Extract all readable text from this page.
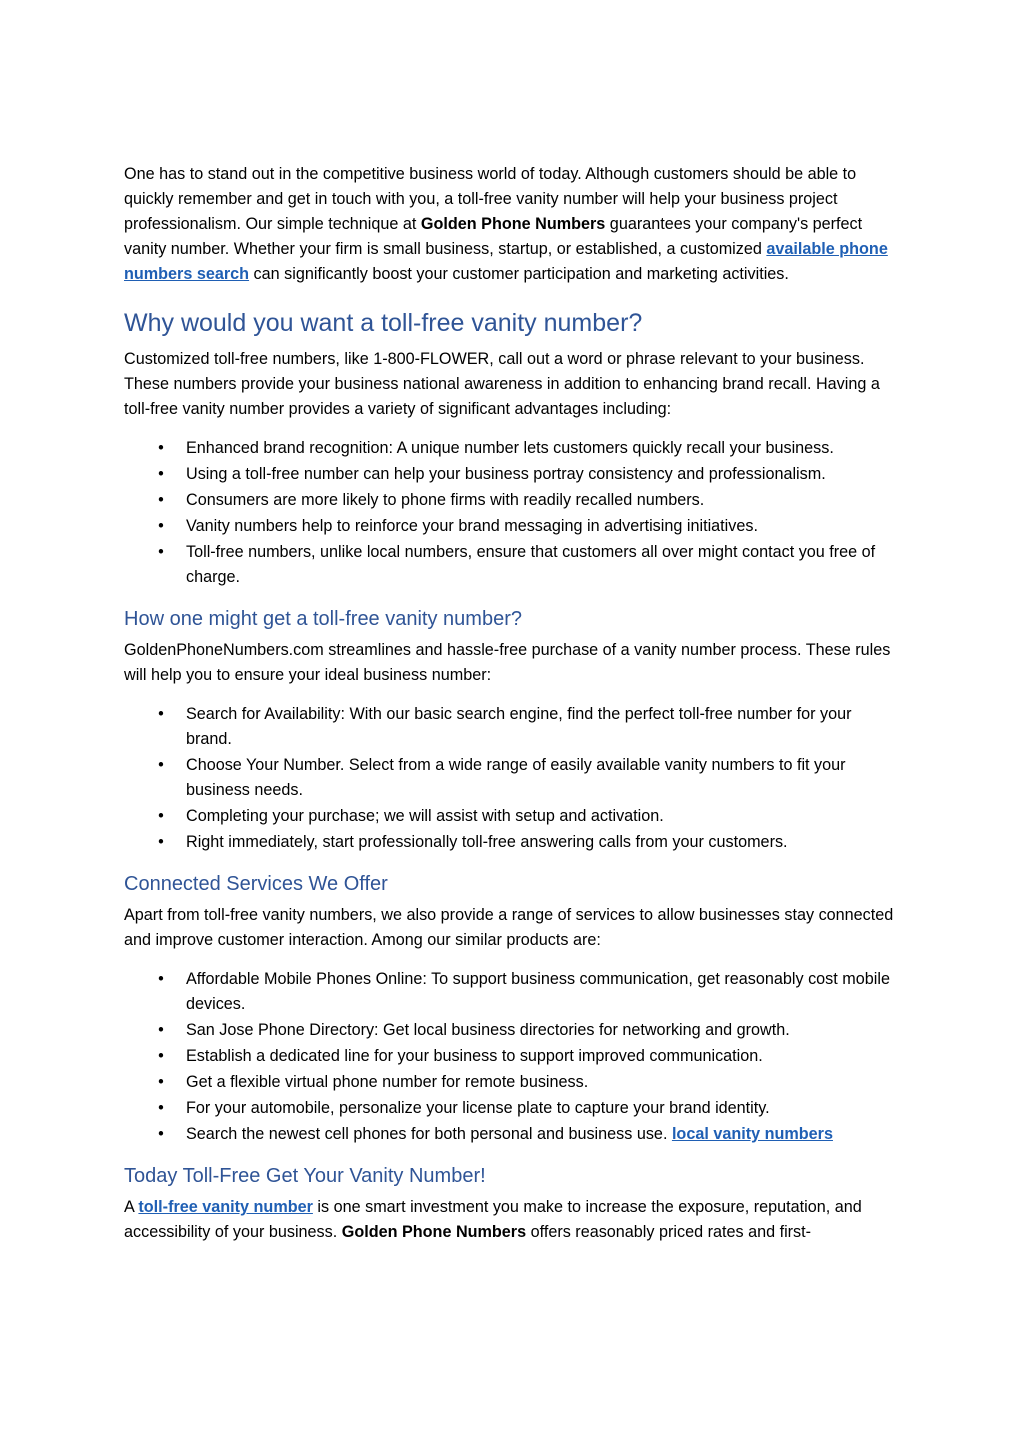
One has to stand out in the competitive business world of today. Although customers should be able to quickly remember and get in touch with you, a toll-free vanity number will help your business project professionalism. Our simple technique at Golden Phone Numbers guarantees your company's perfect vanity number. Whether your firm is small business, startup, or established, a customized available phone numbers search can significantly boost your customer participation and marketing activities.

Why would you want a toll-free vanity number?

Customized toll-free numbers, like 1-800-FLOWER, call out a word or phrase relevant to your business. These numbers provide your business national awareness in addition to enhancing brand recall. Having a toll-free vanity number provides a variety of significant advantages including:

• Enhanced brand recognition: A unique number lets customers quickly recall your business.
• Using a toll-free number can help your business portray consistency and professionalism.
• Consumers are more likely to phone firms with readily recalled numbers.
• Vanity numbers help to reinforce your brand messaging in advertising initiatives.
• Toll-free numbers, unlike local numbers, ensure that customers all over might contact you free of charge.
How one might get a toll-free vanity number?

GoldenPhoneNumbers.com streamlines and hassle-free purchase of a vanity number process. These rules will help you to ensure your ideal business number:

• Search for Availability: With our basic search engine, find the perfect toll-free number for your brand.
• Choose Your Number. Select from a wide range of easily available vanity numbers to fit your business needs.
• Completing your purchase; we will assist with setup and activation.
• Right immediately, start professionally toll-free answering calls from your customers.
Connected Services We Offer

Apart from toll-free vanity numbers, we also provide a range of services to allow businesses stay connected and improve customer interaction. Among our similar products are:

• Affordable Mobile Phones Online: To support business communication, get reasonably cost mobile devices.
• San Jose Phone Directory: Get local business directories for networking and growth.
• Establish a dedicated line for your business to support improved communication.
• Get a flexible virtual phone number for remote business.
• For your automobile, personalize your license plate to capture your brand identity.
• Search the newest cell phones for both personal and business use. local vanity numbers
Today Toll-Free Get Your Vanity Number!

A toll-free vanity number is one smart investment you make to increase the exposure, reputation, and accessibility of your business. Golden Phone Numbers offers reasonably priced rates and first-
